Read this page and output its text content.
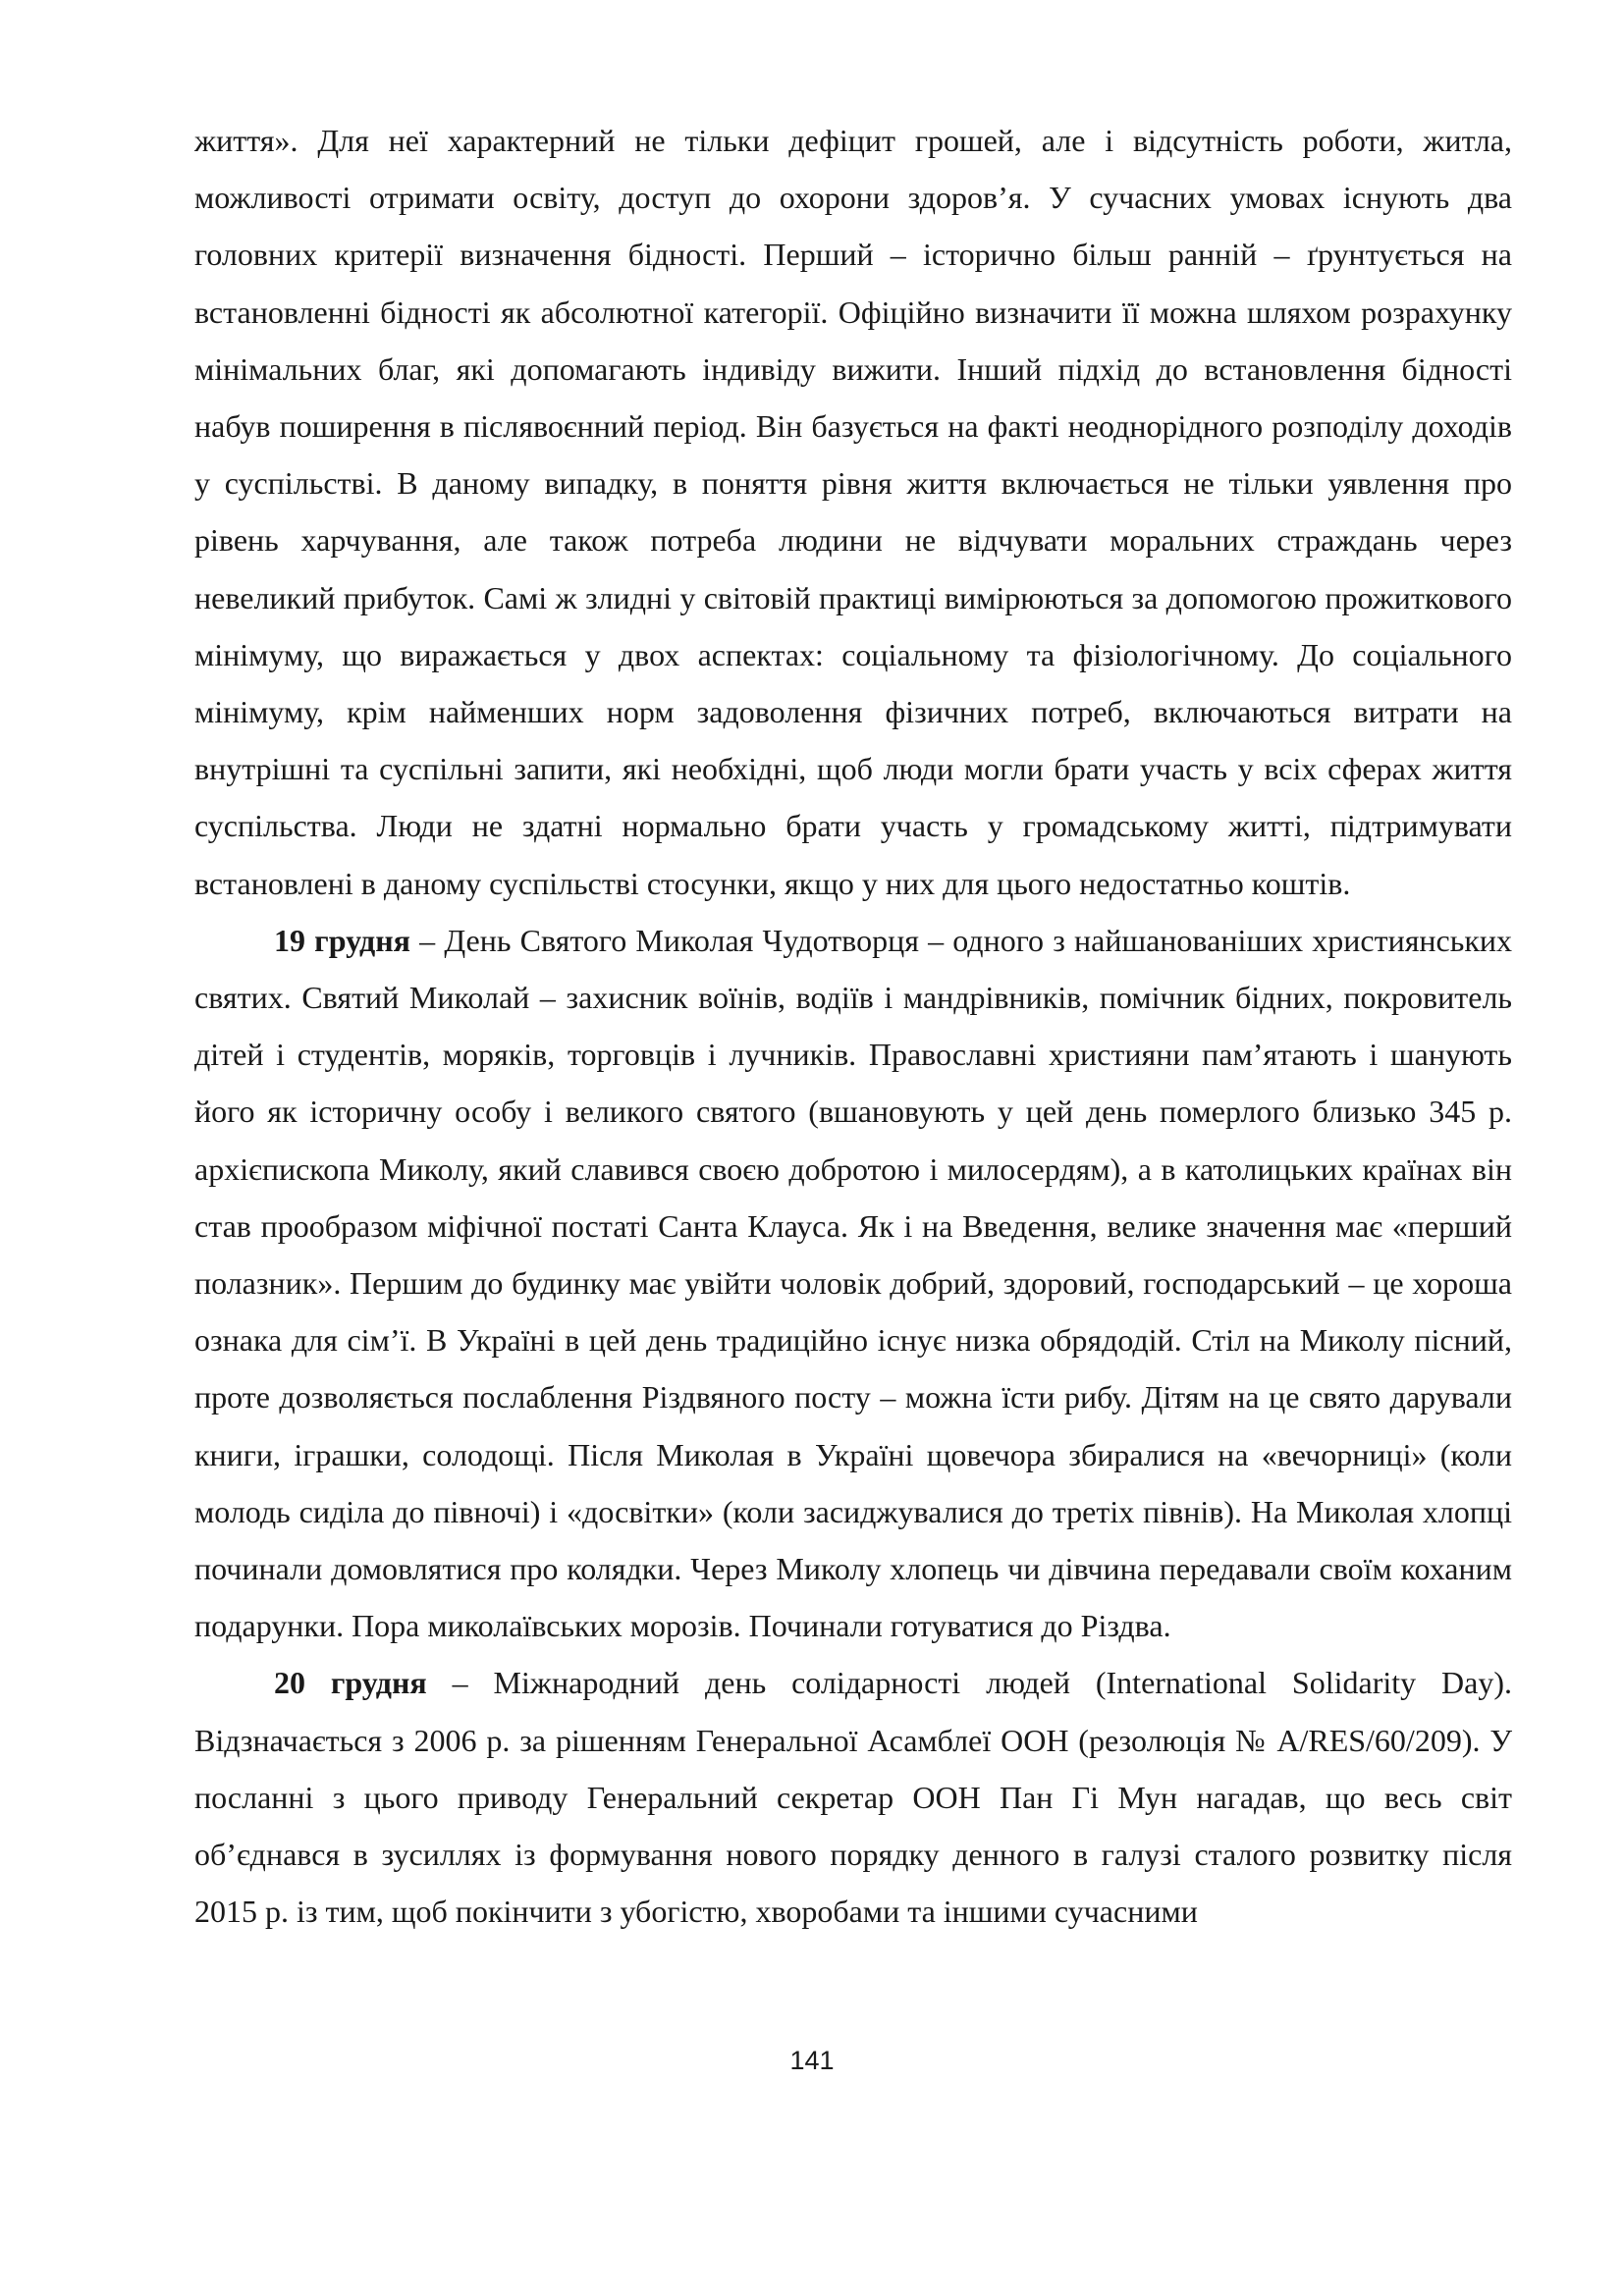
життя». Для неї характерний не тільки дефіцит грошей, але і відсутність роботи, житла, можливості отримати освіту, доступ до охорони здоров’я. У сучасних умовах існують два головних критерії визначення бідності. Перший – історично більш ранній – ґрунтується на встановленні бідності як абсолютної категорії. Офіційно визначити її можна шляхом розрахунку мінімальних благ, які допомагають індивіду вижити. Інший підхід до встановлення бідності набув поширення в післявоєнний період. Він базується на факті неоднорідного розподілу доходів у суспільстві. В даному випадку, в поняття рівня життя включається не тільки уявлення про рівень харчування, але також потреба людини не відчувати моральних страждань через невеликий прибуток. Самі ж злидні у світовій практиці вимірюються за допомогою прожиткового мінімуму, що виражається у двох аспектах: соціальному та фізіологічному. До соціального мінімуму, крім найменших норм задоволення фізичних потреб, включаються витрати на внутрішні та суспільні запити, які необхідні, щоб люди могли брати участь у всіх сферах життя суспільства. Люди не здатні нормально брати участь у громадському житті, підтримувати встановлені в даному суспільстві стосунки, якщо у них для цього недостатньо коштів.

19 грудня – День Святого Миколая Чудотворця – одного з найшанованіших християнських святих. Святий Миколай – захисник воїнів, водіїв і мандрівників, помічник бідних, покровитель дітей і студентів, моряків, торговців і лучників. Православні християни пам’ятають і шанують його як історичну особу і великого святого (вшановують у цей день померлого близько 345 р. архієпископа Миколу, який славився своєю добротою і милосердям), а в католицьких країнах він став прообразом міфічної постаті Санта Клауса. Як і на Введення, велике значення має «перший полазник». Першим до будинку має увійти чоловік добрий, здоровий, господарський – це хороша ознака для сім’ї. В Україні в цей день традиційно існує низка обрядодій. Стіл на Миколу пісний, проте дозволяється послаблення Різдвяного посту – можна їсти рибу. Дітям на це свято дарували книги, іграшки, солодощі. Після Миколая в Україні щовечора збиралися на «вечорниці» (коли молодь сиділа до півночі) і «досвітки» (коли засиджувалися до третіх півнів). На Миколая хлопці починали домовлятися про колядки. Через Миколу хлопець чи дівчина передавали своїм коханим подарунки. Пора миколаївських морозів. Починали готуватися до Різдва.

20 грудня – Міжнародний день солідарності людей (International Solidarity Day). Відзначається з 2006 р. за рішенням Генеральної Асамблеї ООН (резолюція № A/RES/60/209). У посланні з цього приводу Генеральний секретар ООН Пан Гі Мун нагадав, що весь світ об’єднався в зусиллях із формування нового порядку денного в галузі сталого розвитку після 2015 р. із тим, щоб покінчити з убогістю, хворобами та іншими сучасними

141
